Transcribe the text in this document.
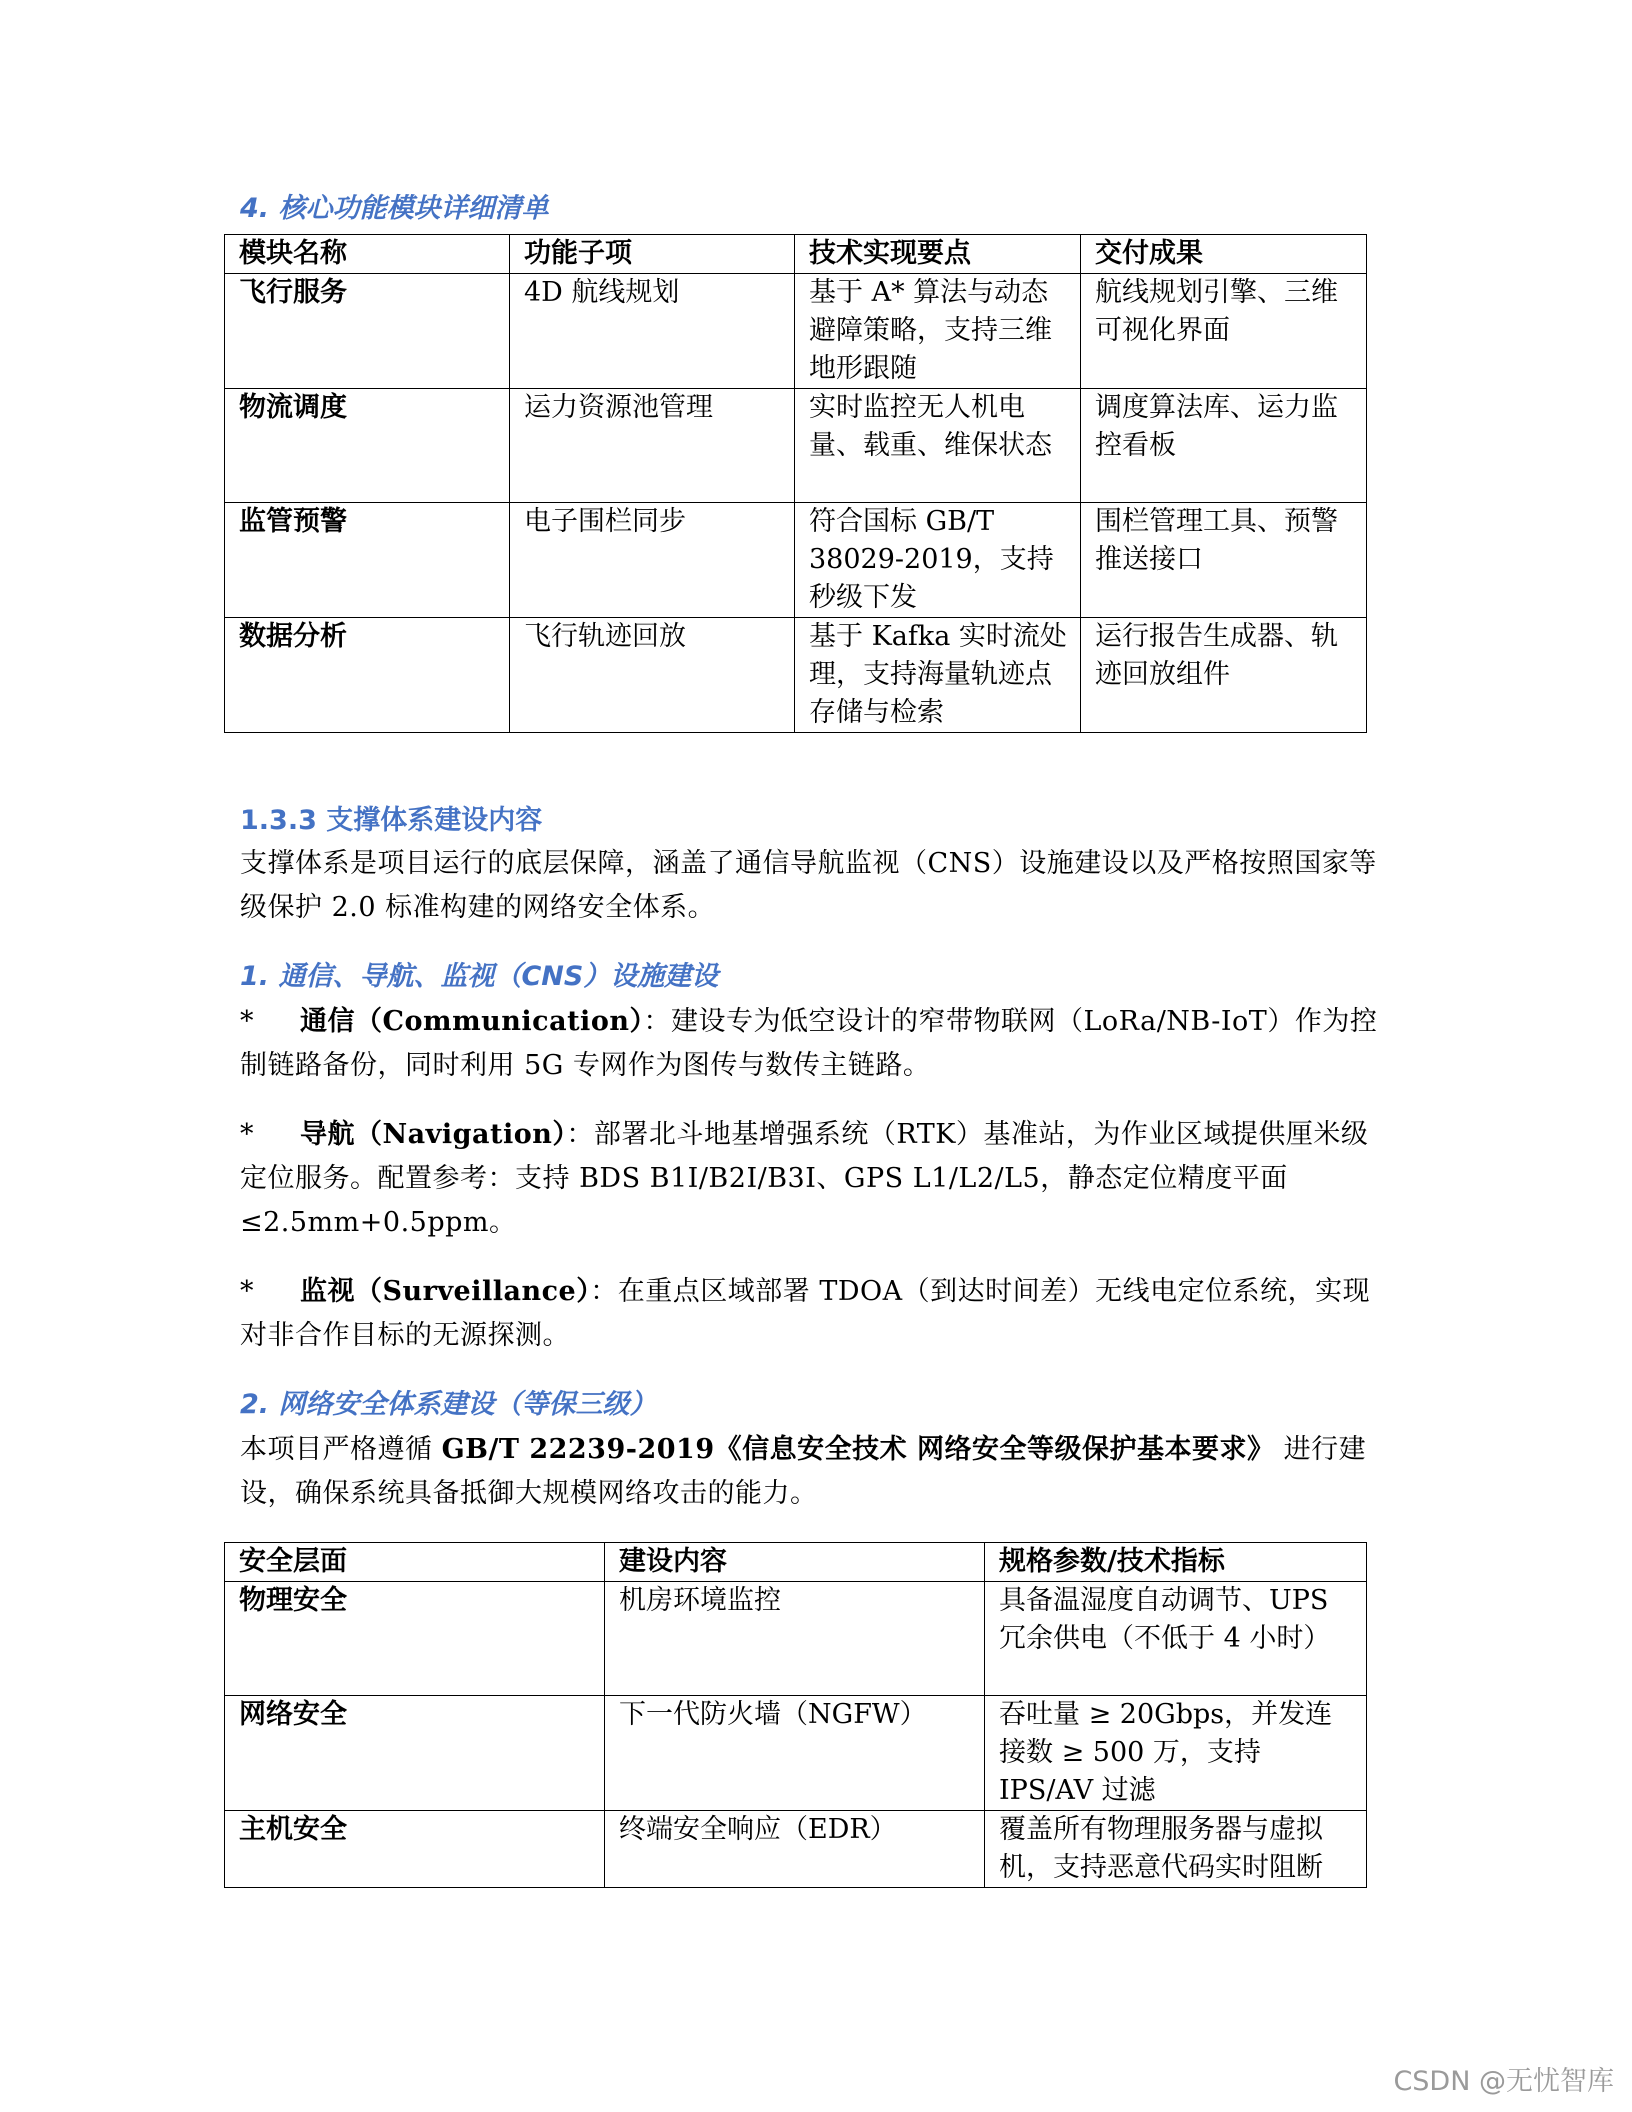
4. 核心功能模块详细清单
模块名称	功能子项	技术实现要点	交付成果
飞行服务	4D 航线规划	基于 A* 算法与动态避障策略，支持三维地形跟随	航线规划引擎、三维可视化界面
物流调度	运力资源池管理	实时监控无人机电量、载重、维保状态	调度算法库、运力监控看板
监管预警	电子围栏同步	符合国标 GB/T 38029-2019，支持秒级下发	围栏管理工具、预警推送接口
数据分析	飞行轨迹回放	基于 Kafka 实时流处理，支持海量轨迹点存储与检索	运行报告生成器、轨迹回放组件
1.3.3 支撑体系建设内容
支撑体系是项目运行的底层保障，涵盖了通信导航监视（CNS）设施建设以及严格按照国家等级保护 2.0 标准构建的网络安全体系。
1. 通信、导航、监视（CNS）设施建设
* 通信（Communication）：建设专为低空设计的窄带物联网（LoRa/NB-IoT）作为控制链路备份，同时利用 5G 专网作为图传与数传主链路。
* 导航（Navigation）：部署北斗地基增强系统（RTK）基准站，为作业区域提供厘米级定位服务。配置参考：支持 BDS B1I/B2I/B3I、GPS L1/L2/L5，静态定位精度平面≤2.5mm+0.5ppm。
* 监视（Surveillance）：在重点区域部署 TDOA（到达时间差）无线电定位系统，实现对非合作目标的无源探测。
2. 网络安全体系建设（等保三级）
本项目严格遵循 GB/T 22239-2019《信息安全技术 网络安全等级保护基本要求》 进行建设，确保系统具备抵御大规模网络攻击的能力。
安全层面	建设内容	规格参数/技术指标
物理安全	机房环境监控	具备温湿度自动调节、UPS 冗余供电（不低于 4 小时）
网络安全	下一代防火墙（NGFW）	吞吐量 ≥ 20Gbps，并发连接数 ≥ 500 万，支持 IPS/AV 过滤
主机安全	终端安全响应（EDR）	覆盖所有物理服务器与虚拟机，支持恶意代码实时阻断
CSDN @无忧智库
